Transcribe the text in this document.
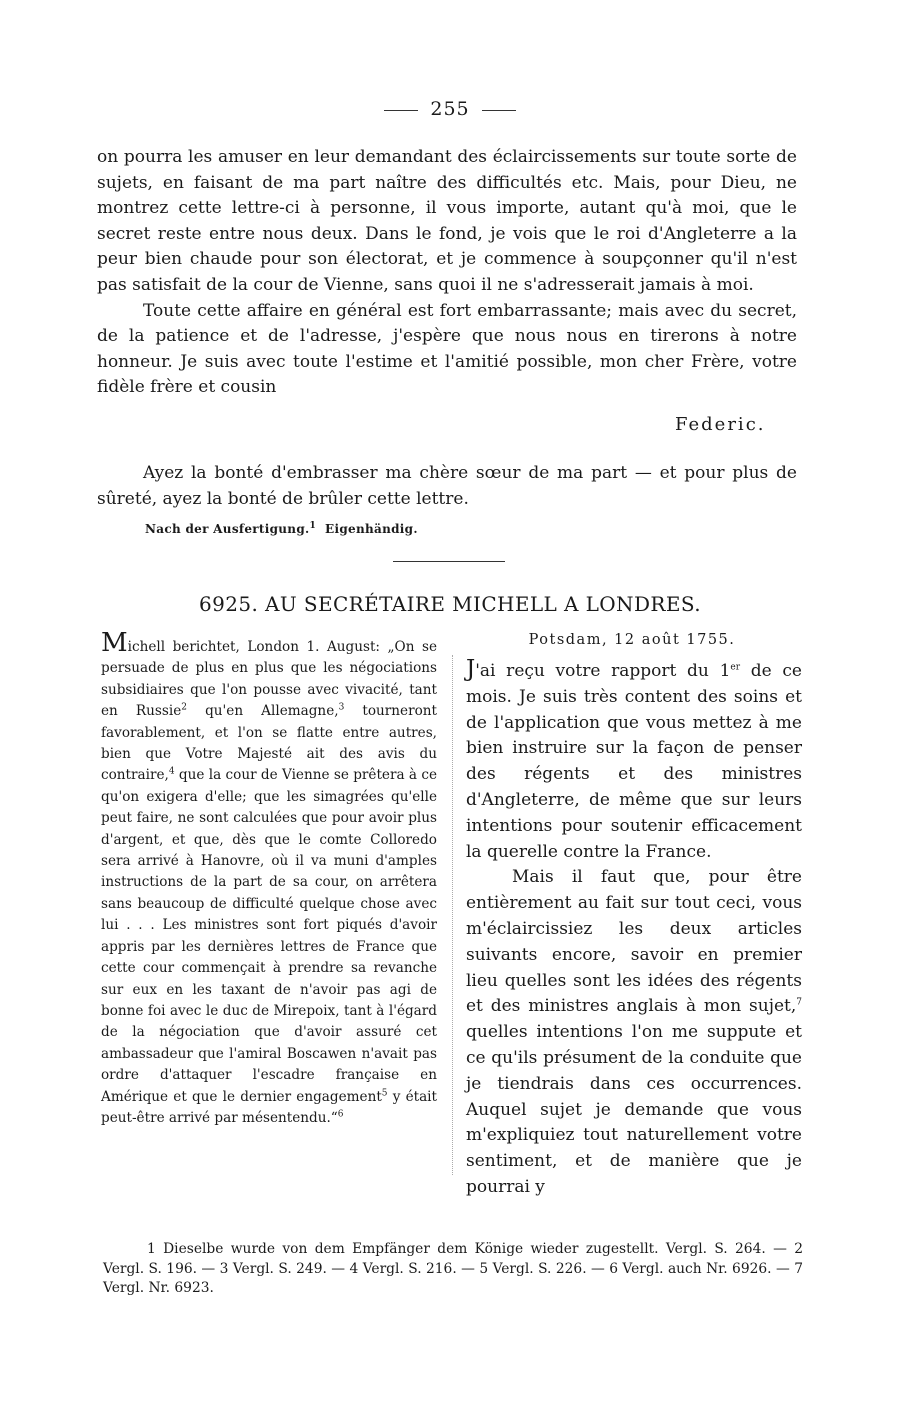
255

on pourra les amuser en leur demandant des éclaircissements sur toute sorte de sujets, en faisant de ma part naître des difficultés etc. Mais, pour Dieu, ne montrez cette lettre-ci à personne, il vous importe, autant qu'à moi, que le secret reste entre nous deux. Dans le fond, je vois que le roi d'Angleterre a la peur bien chaude pour son électorat, et je commence à soupçonner qu'il n'est pas satisfait de la cour de Vienne, sans quoi il ne s'adresserait jamais à moi.

Toute cette affaire en général est fort embarrassante; mais avec du secret, de la patience et de l'adresse, j'espère que nous nous en tirerons à notre honneur. Je suis avec toute l'estime et l'amitié possible, mon cher Frère, votre fidèle frère et cousin

Federic.

Ayez la bonté d'embrasser ma chère sœur de ma part — et pour plus de sûreté, ayez la bonté de brûler cette lettre.

Nach der Ausfertigung.$^1$ Eigenhändig.
6925. AU SECRÉTAIRE MICHELL A LONDRES.

Michell berichtet, London 1. August: „On se persuade de plus en plus que les négociations subsidiaires que l'on pousse avec vivacité, tant en Russie$^2$ qu'en Allemagne,$^3$ tourneront favorablement, et l'on se flatte entre autres, bien que Votre Majesté ait des avis du contraire,$^4$ que la cour de Vienne se prêtera à ce qu'on exigera d'elle; que les simagrées qu'elle peut faire, ne sont calculées que pour avoir plus d'argent, et que, dès que le comte Colloredo sera arrivé à Hanovre, où il va muni d'amples instructions de la part de sa cour, on arrêtera sans beaucoup de difficulté quelque chose avec lui . . . Les ministres sont fort piqués d'avoir appris par les dernières lettres de France que cette cour commençait à prendre sa revanche sur eux en les taxant de n'avoir pas agi de bonne foi avec le duc de Mirepoix, tant à l'égard de la négociation que d'avoir assuré cet ambassadeur que l'amiral Boscawen n'avait pas ordre d'attaquer l'escadre française en Amérique et que le dernier engagement$^5$ y était peut-être arrivé par mésentendu.“$^6$

Potsdam, 12 août 1755.

J'ai reçu votre rapport du 1er de ce mois. Je suis très content des soins et de l'application que vous mettez à me bien instruire sur la façon de penser des régents et des ministres d'Angleterre, de même que sur leurs intentions pour soutenir efficacement la querelle contre la France.

Mais il faut que, pour être entièrement au fait sur tout ceci, vous m'éclaircissiez les deux articles suivants encore, savoir en premier lieu quelles sont les idées des régents et des ministres anglais à mon sujet,$^7$ quelles intentions l'on me suppute et ce qu'ils présument de la conduite que je tiendrais dans ces occurrences. Auquel sujet je demande que vous m'expliquiez tout naturellement votre sentiment, et de manière que je pourrai y

1 Dieselbe wurde von dem Empfänger dem Könige wieder zugestellt. Vergl. S. 264. — 2 Vergl. S. 196. — 3 Vergl. S. 249. — 4 Vergl. S. 216. — 5 Vergl. S. 226. — 6 Vergl. auch Nr. 6926. — 7 Vergl. Nr. 6923.
